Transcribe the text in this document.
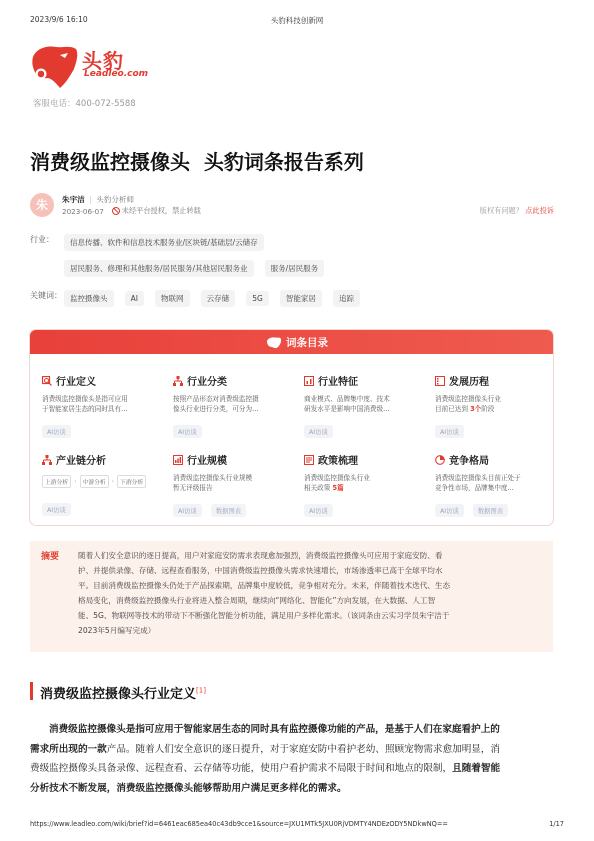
2023/9/6 16:10	头豹科技创新网
头豹
Leadleo.com
客服电话：400-072-5588
消费级监控摄像头  头豹词条报告系列
朱	朱宇洁 | 头豹分析师
2023-06-07	未经平台授权，禁止转载	版权有问题？ 点此投诉
行业：	信息传播、软件和信息技术服务业/区块链/基础层/云储存
居民服务、修理和其他服务/居民服务/其他居民服务业	服务/居民服务
关键词：	监控摄像头	AI	物联网	云存储	5G	智能家居	追踪
词条目录
行业定义
消费级监控摄像头是指可应用
于智能家居生态的同时具有...
AI访谈
行业分类
按照产品形态对消费级监控摄
像头行业进行分类，可分为...
AI访谈
行业特征
商业模式、品牌集中度、技术
研发水平是影响中国消费级...
AI访谈
发展历程
消费级监控摄像头行业
目前已达到 3个阶段
AI访谈
产业链分析
上游分析	›	中游分析	›	下游分析
AI访谈
行业规模
消费级监控摄像头行业规模
暂无评级报告
AI访谈	数据图表
政策梳理
消费级监控摄像头行业
相关政策 5篇
AI访谈
竞争格局
消费级监控摄像头目前正处于
竞争性市场，品牌集中度...
AI访谈	数据图表
摘要 随着人们安全意识的逐日提高，用户对家庭安防需求表现愈加强烈，消费级监控摄像头可应用于家庭安防、看
护、并提供录像、存储、远程查看服务，中国消费级监控摄像头需求快速增长，市场渗透率已高于全球平均水
平。目前消费级监控摄像头仍处于产品探索期，品牌集中度较低，竞争相对充分。未来，伴随着技术迭代、生态
格局变化，消费级监控摄像头行业将进入整合周期，继续向“网络化、智能化”方向发展，在大数据、人工智
能、5G、物联网等技术的带动下不断强化智能分析功能，满足用户多样化需求。（该词条由云实习学员朱宇洁于
2023年5月编写完成）
消费级监控摄像头行业定义[1]
消费级监控摄像头是指可应用于智能家居生态的同时具有监控摄像功能的产品，是基于人们在家庭看护上的
需求所出现的一款产品。随着人们安全意识的逐日提升，对于家庭安防中看护老幼、照顾宠物需求愈加明显，消
费级监控摄像头具备录像、远程查看、云存储等功能，使用户看护需求不局限于时间和地点的限制，且随着智能
分析技术不断发展，消费级监控摄像头能够帮助用户满足更多样化的需求。
https://www.leadleo.com/wiki/brief?id=6461eac685ea40c43db9cce1&source=JXU1MTk5JXU0RjVDMTY4NDEzODY5NDkwNQ==	1/17
